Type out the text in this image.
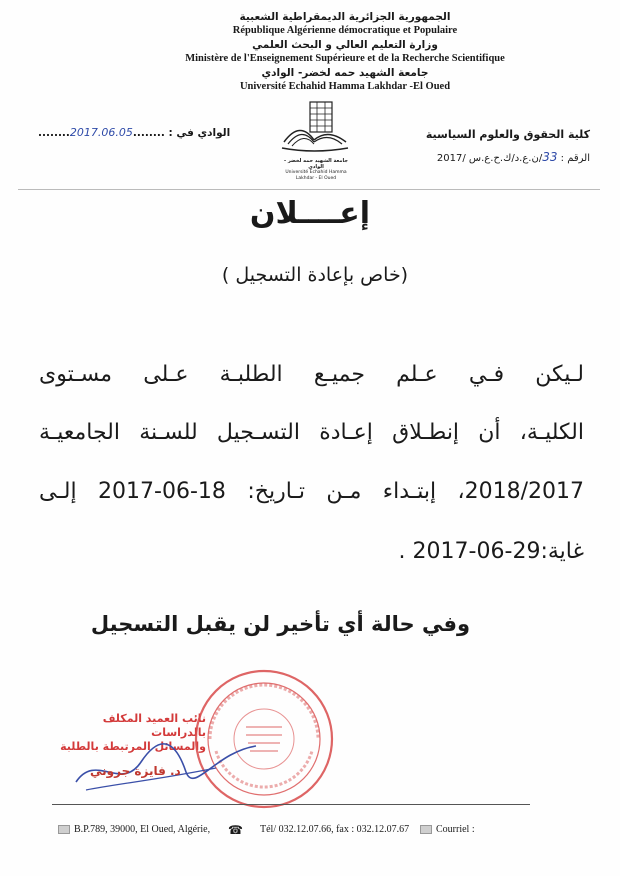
الجمهورية الجزائرية الديمقراطية الشعبية
République Algérienne démocratique et Populaire
وزارة التعليم العالي و البحث العلمي
Ministère de l'Enseignement Supérieure et de la Recherche Scientifique
جامعة الشهيد حمه لخضر- الوادي
Université Echahid Hamma Lakhdar -El Oued
جامعة الشهيد حمه لخضر - الوادي
Université Echahid Hamma Lakhdar - El Oued
كلية الحقوق والعلوم السياسية
الرقم : 33/ن.ع.د/ك.ح.ع.س /2017
الوادي في : ........2017.06.05........
إعــــلان
(خاص بإعادة التسجيل )
لـيكن فـي عـلم جميـع الطلبـة عـلى مسـتوى
الكليـة، أن إنطـلاق إعـادة التسـجيل للسـنة الجامعيـة
2018/2017، إبتـداء مـن تـاريخ: 18-06-2017 إلـى
غاية:29-06-2017 .
وفي حالة أي تأخير لن يقبل التسجيل
نائب العميد المكلف بالدراسات
والمسائل المرتبطة بالطلبة
د. فايزة جروني
B.P.789, 39000, El Oued, Algérie, ☎ Tél/ 032.12.07.66, fax : 032.12.07.67	Courriel :
